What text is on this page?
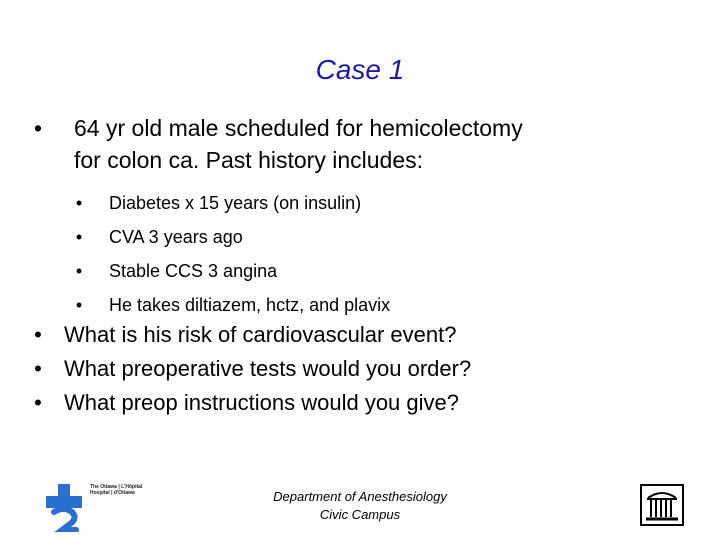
Case 1
• 64 yr old male scheduled for hemicolectomy
for colon ca. Past history includes:
• Diabetes x 15 years (on insulin)
• CVA 3 years ago
• Stable CCS 3 angina
• He takes diltiazem, hctz, and plavix
• What is his risk of cardiovascular event?
• What preoperative tests would you order?
• What preop instructions would you give?
The Ottawa | L'Hôpital
Hospital | d'Ottawa	Department of Anesthesiology
Civic Campus
